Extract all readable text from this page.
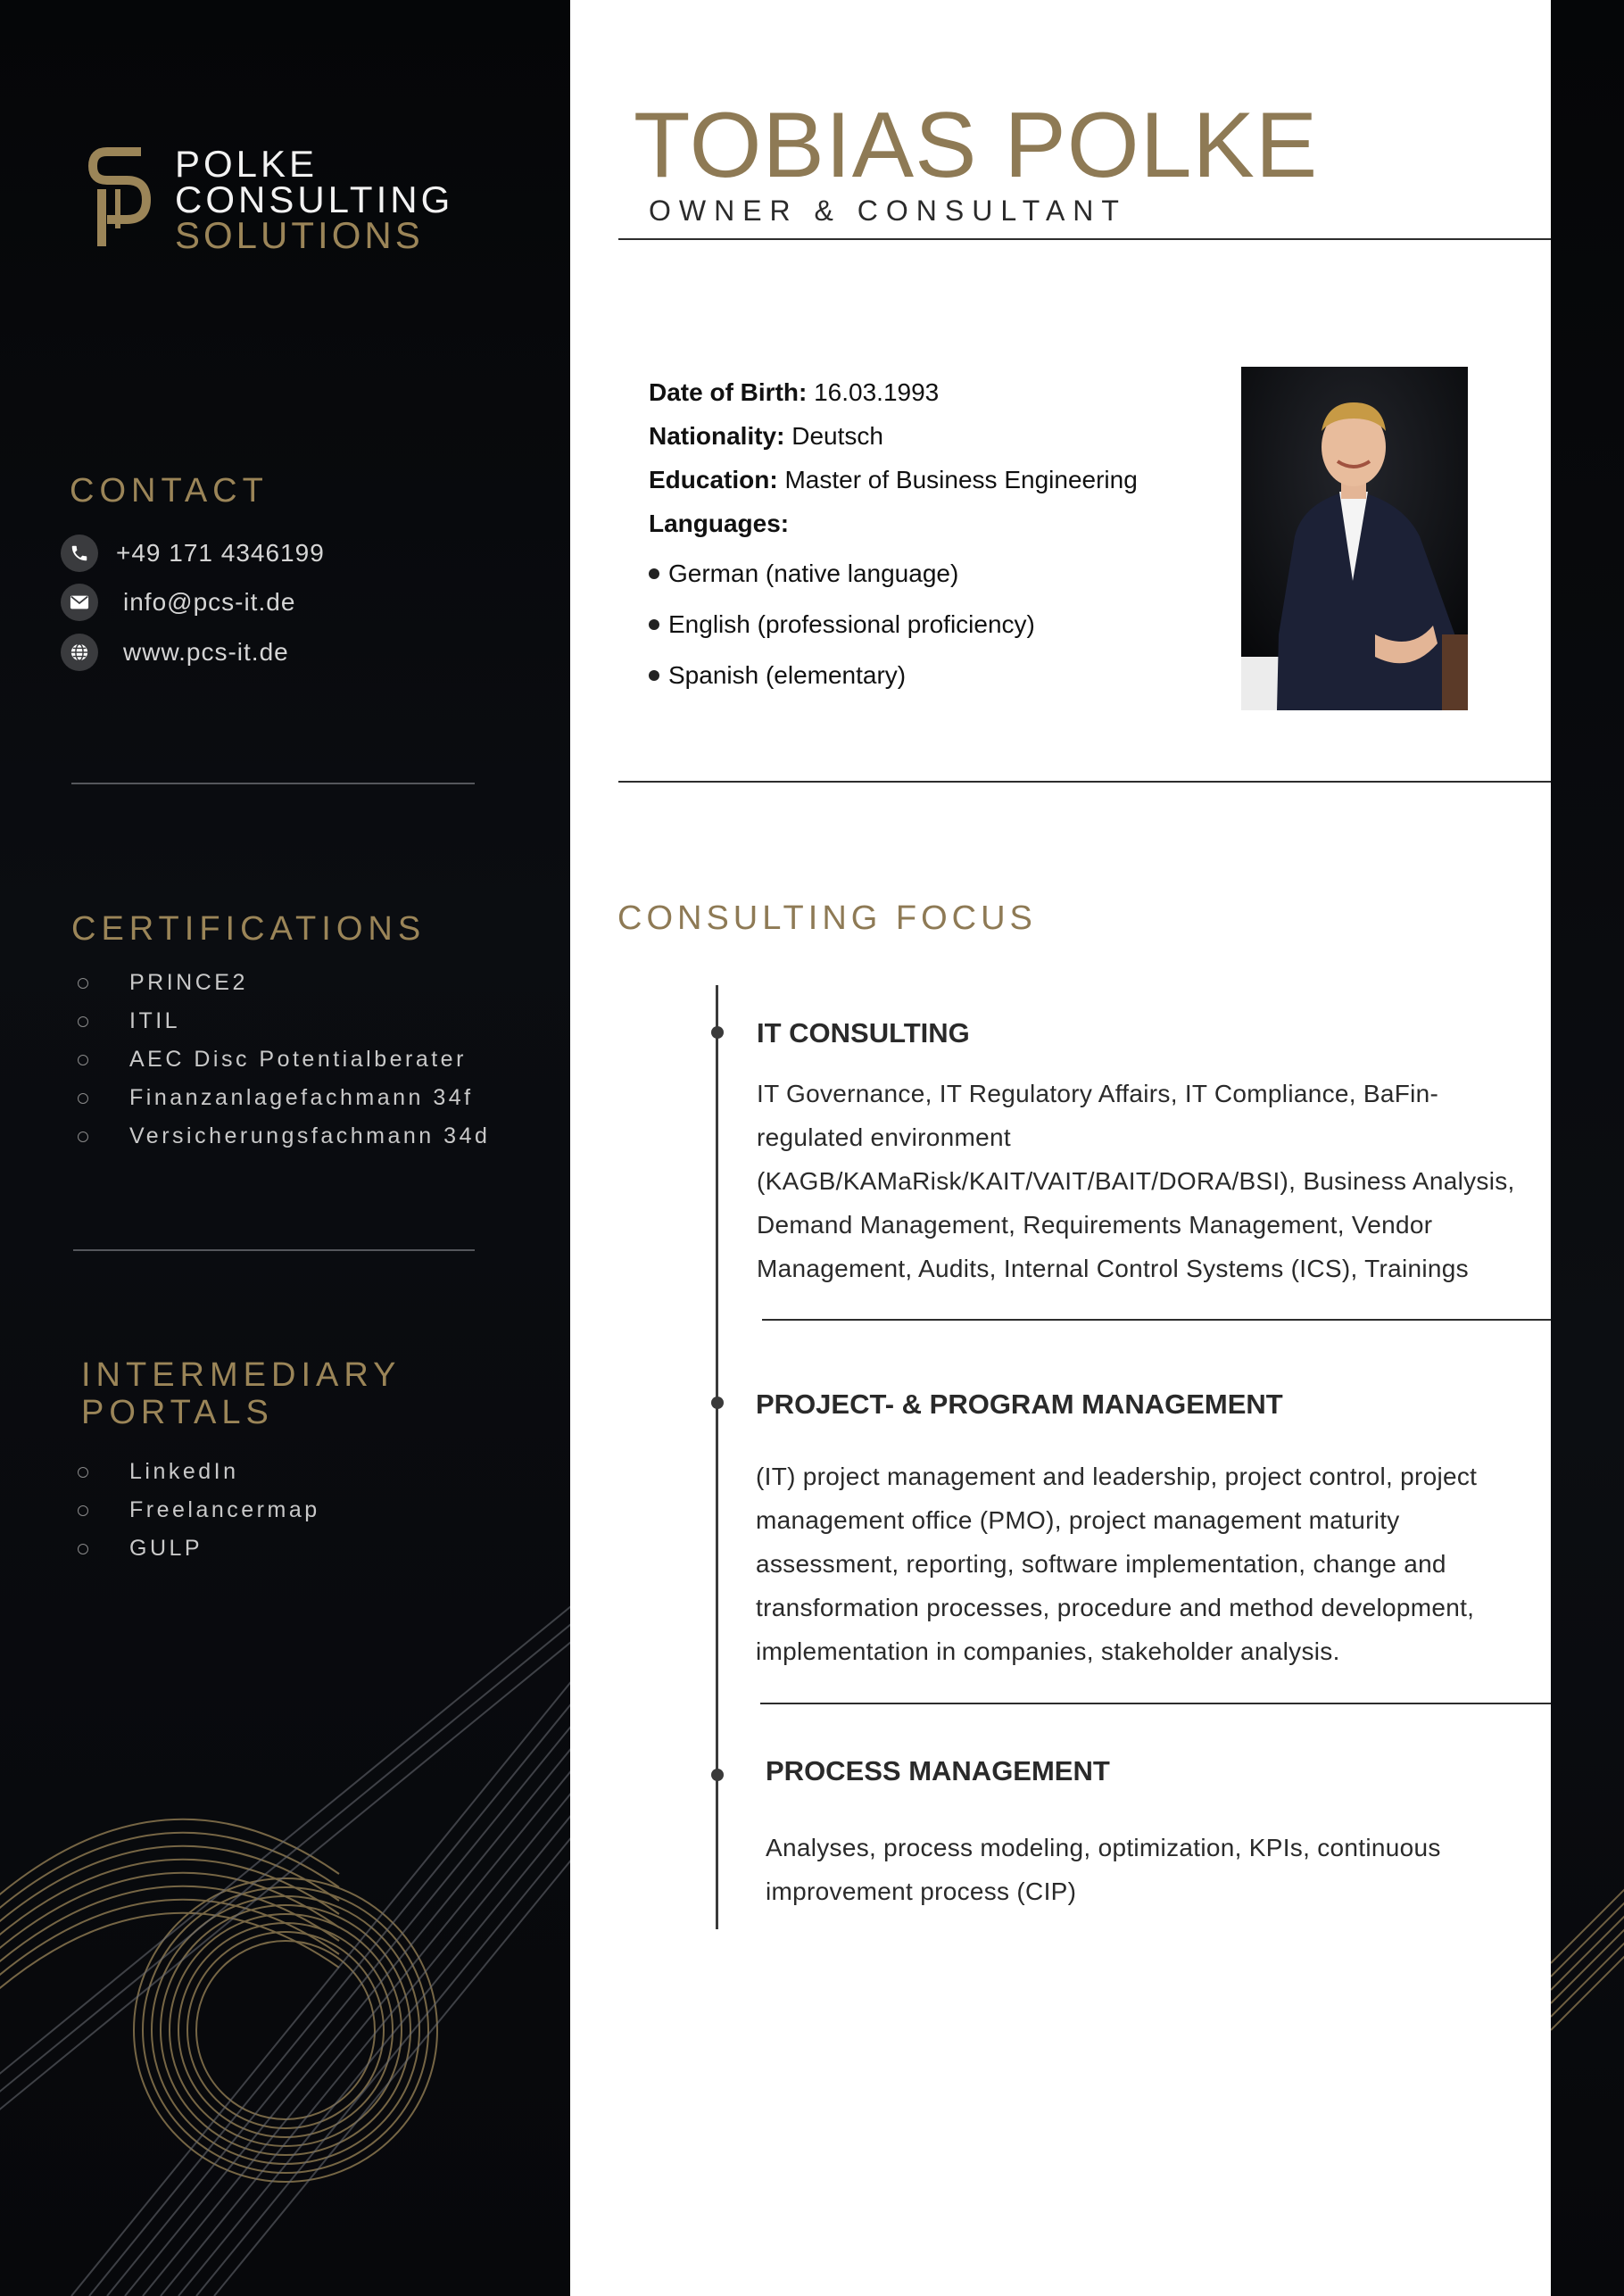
POLKE
CONSULTING
SOLUTIONS
CONTACT
+49 171 4346199
info@pcs-it.de
www.pcs-it.de
CERTIFICATIONS
PRINCE2
ITIL
AEC Disc Potentialberater
Finanzanlagefachmann 34f
Versicherungsfachmann 34d
INTERMEDIARY
PORTALS
LinkedIn
Freelancermap
GULP
TOBIAS POLKE
OWNER & CONSULTANT
Date of Birth: 16.03.1993
Nationality: Deutsch
Education: Master of Business Engineering
Languages:
German (native language)
English (professional proficiency)
Spanish (elementary)
CONSULTING FOCUS
IT CONSULTING
IT Governance, IT Regulatory Affairs, IT Compliance, BaFin-regulated environment (KAGB/KAMaRisk/KAIT/VAIT/BAIT/DORA/BSI), Business Analysis, Demand Management, Requirements Management, Vendor Management, Audits, Internal Control Systems (ICS), Trainings
PROJECT- & PROGRAM MANAGEMENT
(IT) project management and leadership, project control, project management office (PMO), project management maturity assessment, reporting, software implementation, change and transformation processes, procedure and method development, implementation in companies, stakeholder analysis.
PROCESS MANAGEMENT
Analyses, process modeling, optimization, KPIs, continuous improvement process (CIP)
